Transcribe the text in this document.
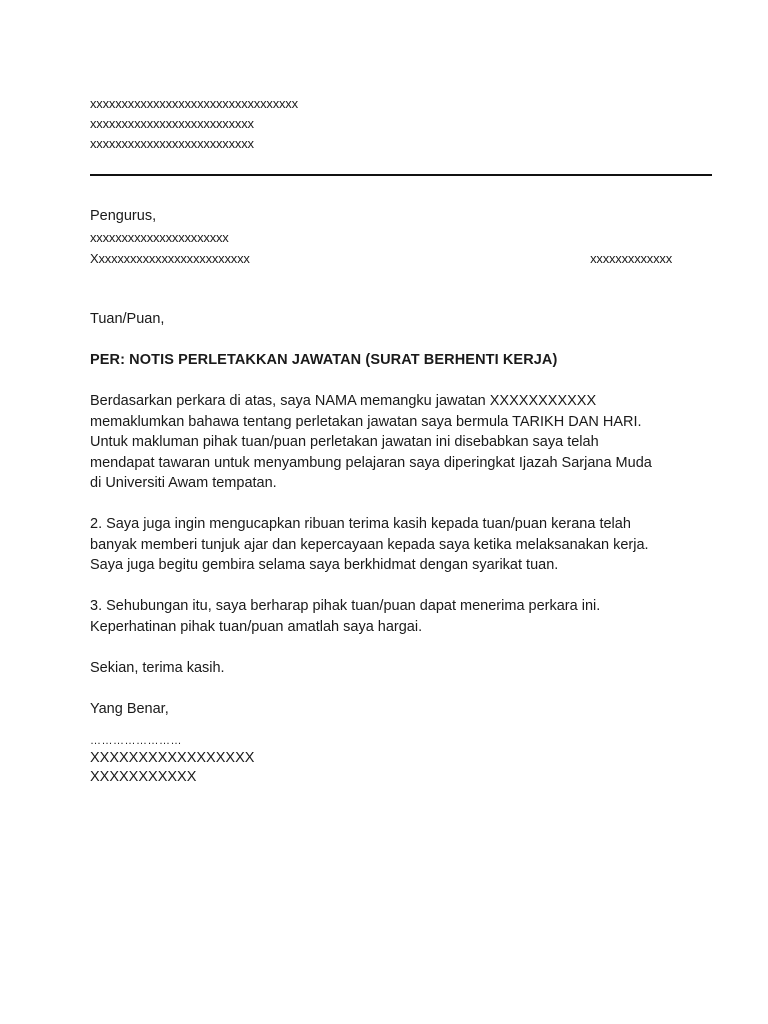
xxxxxxxxxxxxxxxxxxxxxxxxxxxxxxxxx
xxxxxxxxxxxxxxxxxxxxxxxxxx
xxxxxxxxxxxxxxxxxxxxxxxxxx
Pengurus,
xxxxxxxxxxxxxxxxxxxxxx
Xxxxxxxxxxxxxxxxxxxxxxxxx	xxxxxxxxxxxxx

Tuan/Puan,

PER: NOTIS PERLETAKKAN JAWATAN (SURAT BERHENTI KERJA)

Berdasarkan perkara di atas, saya NAMA memangku jawatan XXXXXXXXXXX
memaklumkan bahawa tentang perletakan jawatan saya bermula TARIKH DAN HARI.
Untuk makluman pihak tuan/puan perletakan jawatan ini disebabkan saya telah
mendapat tawaran untuk menyambung pelajaran saya diperingkat Ijazah Sarjana Muda
di Universiti Awam tempatan.
2. Saya juga ingin mengucapkan ribuan terima kasih kepada tuan/puan kerana telah
banyak memberi tunjuk ajar dan kepercayaan kepada saya ketika melaksanakan kerja.
Saya juga begitu gembira selama saya berkhidmat dengan syarikat tuan.
3. Sehubungan itu, saya berharap pihak tuan/puan dapat menerima perkara ini.
Keperhatinan pihak tuan/puan amatlah saya hargai.

Sekian, terima kasih.

Yang Benar,

……………………
XXXXXXXXXXXXXXXXX
XXXXXXXXXXX
